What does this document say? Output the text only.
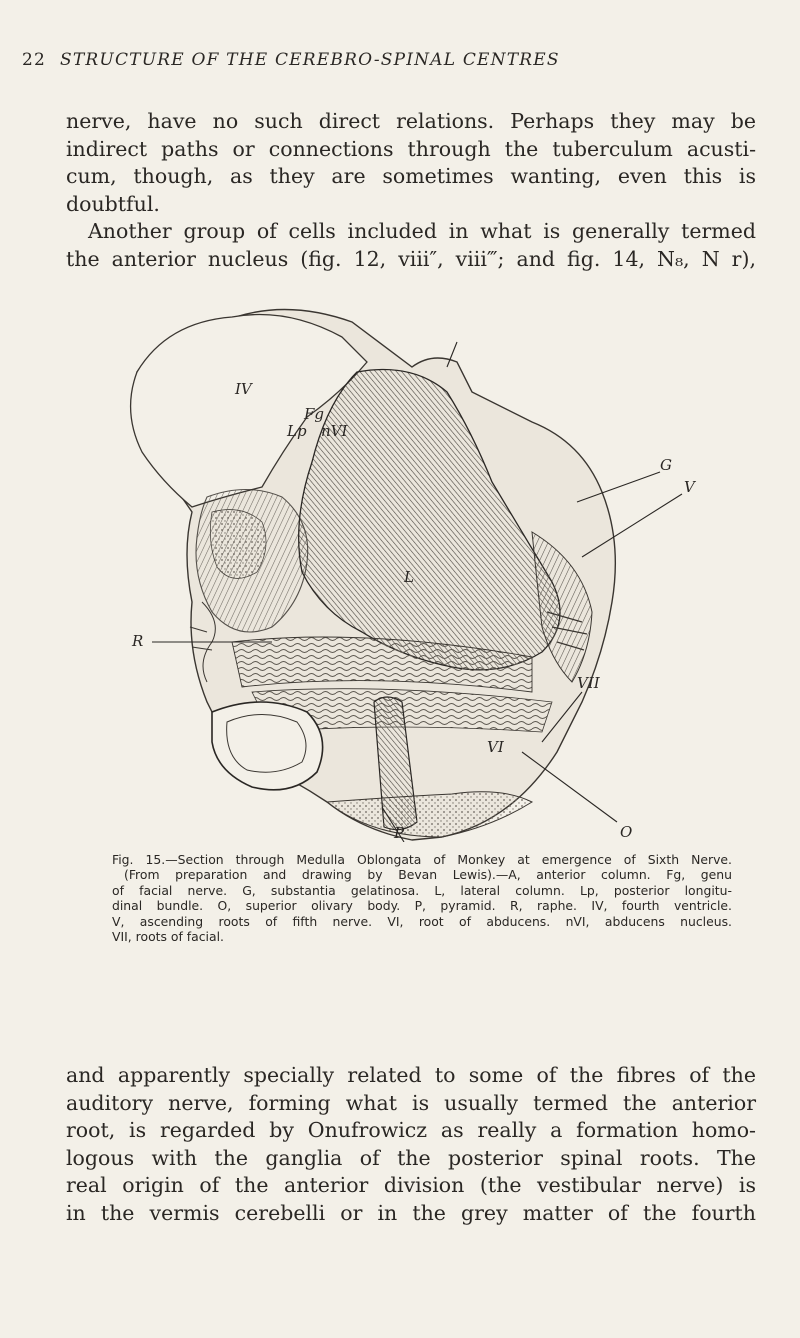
22 STRUCTURE OF THE CEREBRO-SPINAL CENTRES

nerve, have no such direct relations. Perhaps they may be
indirect paths or connections through the tuberculum acusti-
cum, though, as they are sometimes wanting, even this is
doubtful.
Another group of cells included in what is generally termed
the anterior nucleus (fig. 12, viii″, viii‴; and fig. 14, N₈, N r),

IV
Fg
Lp nVI
G
V
R
L
VII
VI
O
P

Fig. 15.—Section through Medulla Oblongata of Monkey at emergence of Sixth Nerve.
(From preparation and drawing by Bevan Lewis).—A, anterior column. Fg, genu
of facial nerve. G, substantia gelatinosa. L, lateral column. Lp, posterior longitu-
dinal bundle. O, superior olivary body. P, pyramid. R, raphe. IV, fourth ventricle.
V, ascending roots of fifth nerve. VI, root of abducens. nVI, abducens nucleus.
VII, roots of facial.

and apparently specially related to some of the fibres of the
auditory nerve, forming what is usually termed the anterior
root, is regarded by Onufrowicz as really a formation homo-
logous with the ganglia of the posterior spinal roots. The
real origin of the anterior division (the vestibular nerve) is
in the vermis cerebelli or in the grey matter of the fourth
